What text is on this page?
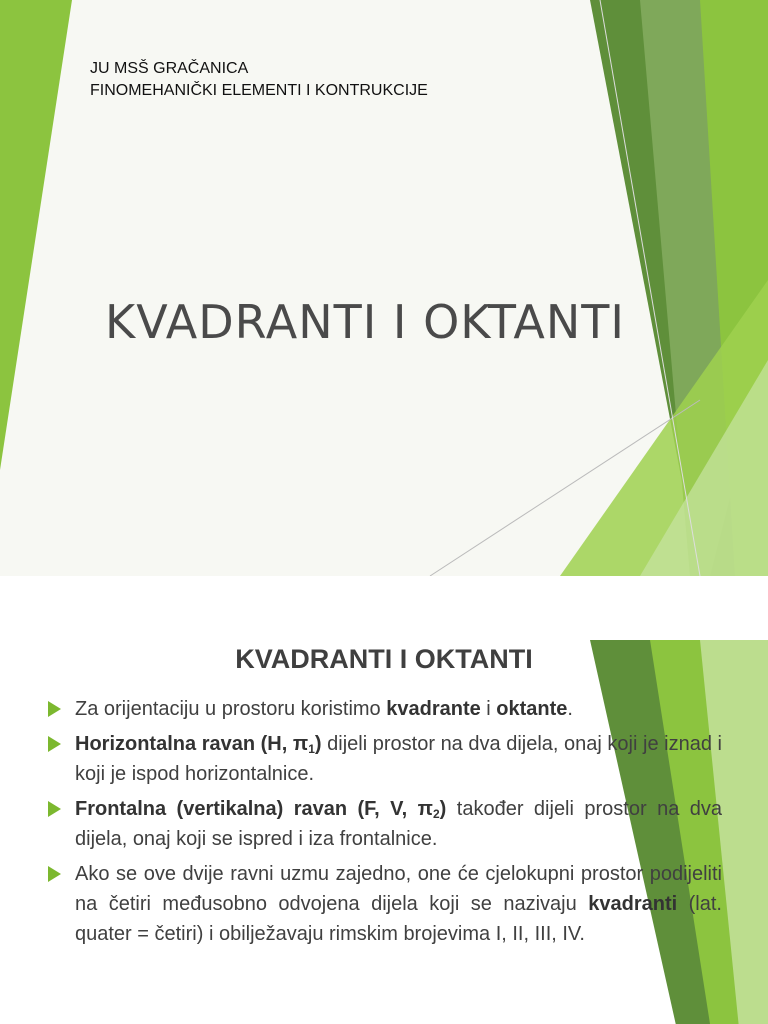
JU MSŠ GRAČANICA
FINOMEHANIČKI ELEMENTI I KONTRUKCIJE
KVADRANTI I OKTANTI
KVADRANTI I OKTANTI
Za orijentaciju u prostoru koristimo kvadrante i oktante.
Horizontalna ravan (H, $\pi_1$) dijeli prostor na dva dijela, onaj koji je iznad i koji je ispod horizontalnice.
Frontalna (vertikalna) ravan (F, V, $\pi_2$) također dijeli prostor na dva dijela, onaj koji se ispred i iza frontalnice.
Ako se ove dvije ravni uzmu zajedno, one će cjelokupni prostor podijeliti na četiri međusobno odvojena dijela koji se nazivaju kvadranti (lat. quater = četiri) i obilježavaju rimskim brojevima I, II, III, IV.
